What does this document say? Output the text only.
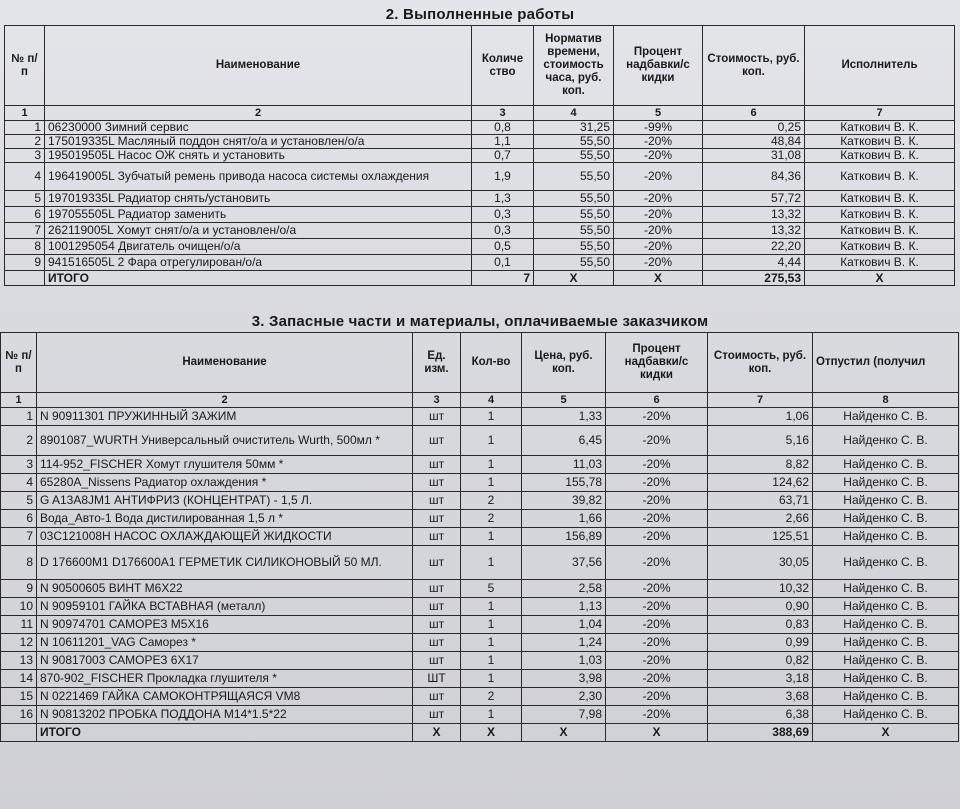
2. Выполненные работы
№ п/п	Наименование	Количе ство	Норматив времени, стоимость часа, руб. коп.	Процент надбавки/с кидки	Стоимость, руб. коп.	Исполнитель
1	2	3	4	5	6	7
1	06230000 Зимний сервис	0,8	31,25	-99%	0,25	Каткович В. К.
2	175019335L Масляный поддон снят/о/а и установлен/о/а	1,1	55,50	-20%	48,84	Каткович В. К.
3	195019505L Насос ОЖ снять и установить	0,7	55,50	-20%	31,08	Каткович В. К.
4	196419005L Зубчатый ремень привода насоса системы охлаждения	1,9	55,50	-20%	84,36	Каткович В. К.
5	197019335L Радиатор снять/установить	1,3	55,50	-20%	57,72	Каткович В. К.
6	197055505L Радиатор заменить	0,3	55,50	-20%	13,32	Каткович В. К.
7	262119005L Хомут снят/о/а и установлен/о/а	0,3	55,50	-20%	13,32	Каткович В. К.
8	1001295054 Двигатель очищен/о/а	0,5	55,50	-20%	22,20	Каткович В. К.
9	941516505L 2 Фара отрегулирован/о/а	0,1	55,50	-20%	4,44	Каткович В. К.
	ИТОГО	7	X	X	275,53	X
3. Запасные части и материалы, оплачиваемые заказчиком
№ п/п	Наименование	Ед. изм.	Кол-во	Цена, руб. коп.	Процент надбавки/с кидки	Стоимость, руб. коп.	Отпустил (получил
1	2	3	4	5	6	7	8
1	N 90911301 ПРУЖИННЫЙ ЗАЖИМ	шт	1	1,33	-20%	1,06	Найденко С. В.
2	8901087_WURTH Универсальный очиститель Wurth, 500мл *	шт	1	6,45	-20%	5,16	Найденко С. В.
3	114-952_FISCHER Хомут глушителя 50мм *	шт	1	11,03	-20%	8,82	Найденко С. В.
4	65280A_Nissens Радиатор охлаждения *	шт	1	155,78	-20%	124,62	Найденко С. В.
5	G A13A8JM1 АНТИФРИЗ (КОНЦЕНТРАТ) - 1,5 Л.	шт	2	39,82	-20%	63,71	Найденко С. В.
6	Вода_Авто-1 Вода дистилированная 1,5 л *	шт	2	1,66	-20%	2,66	Найденко С. В.
7	03C121008H НАСОС ОХЛАЖДАЮЩЕЙ ЖИДКОСТИ	шт	1	156,89	-20%	125,51	Найденко С. В.
8	D 176600M1 D176600A1 ГЕРМЕТИК СИЛИКОНОВЫЙ 50 МЛ.	шт	1	37,56	-20%	30,05	Найденко С. В.
9	N 90500605 ВИНТ M6X22	шт	5	2,58	-20%	10,32	Найденко С. В.
10	N 90959101 ГАЙКА ВСТАВНАЯ (металл)	шт	1	1,13	-20%	0,90	Найденко С. В.
11	N 90974701 САМОРЕЗ M5X16	шт	1	1,04	-20%	0,83	Найденко С. В.
12	N 10611201_VAG Саморез *	шт	1	1,24	-20%	0,99	Найденко С. В.
13	N 90817003 САМОРЕЗ 6X17	шт	1	1,03	-20%	0,82	Найденко С. В.
14	870-902_FISCHER Прокладка глушителя *	ШТ	1	3,98	-20%	3,18	Найденко С. В.
15	N 0221469 ГАЙКА САМОКОНТРЯЩАЯСЯ VM8	шт	2	2,30	-20%	3,68	Найденко С. В.
16	N 90813202 ПРОБКА ПОДДОНА M14*1.5*22	шт	1	7,98	-20%	6,38	Найденко С. В.
	ИТОГО	X	X	X	X	388,69	X
